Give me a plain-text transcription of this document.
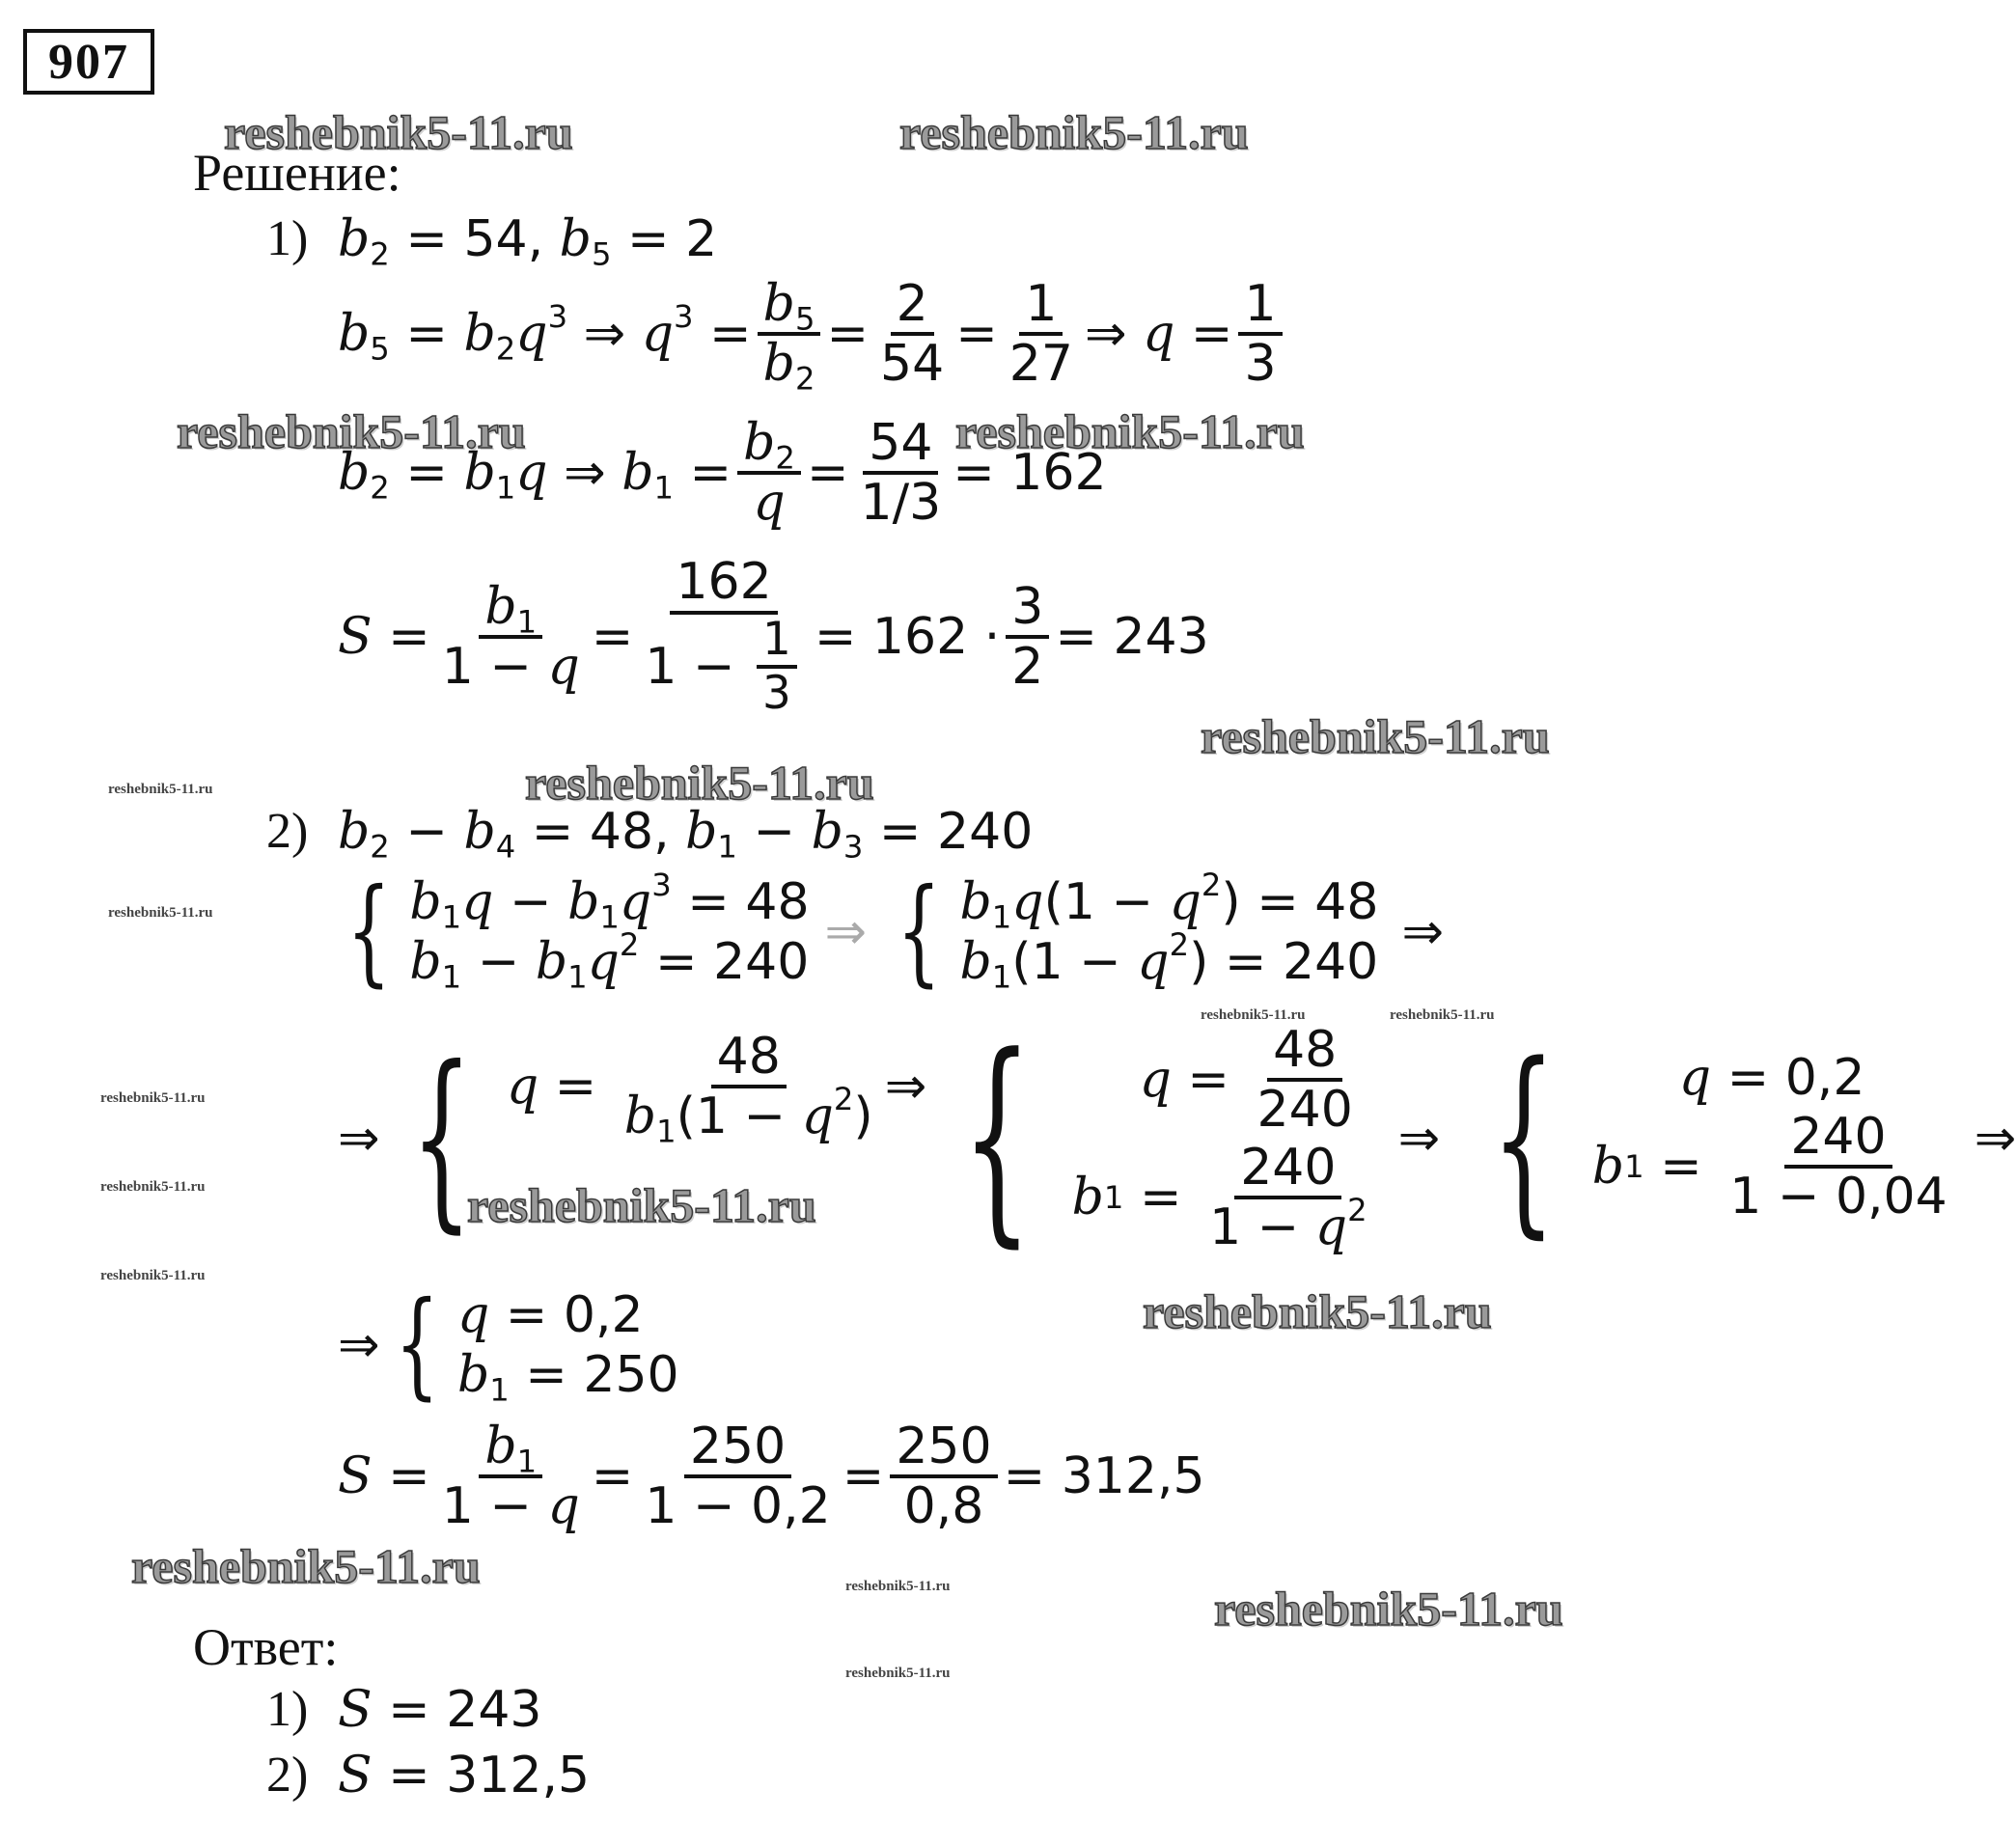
907
reshebnik5-11.ru	reshebnik5-11.ru
reshebnik5-11.ru	reshebnik5-11.ru
reshebnik5-11.ru
reshebnik5-11.ru
reshebnik5-11.ru
reshebnik5-11.ru
reshebnik5-11.ru
reshebnik5-11.ru
reshebnik5-11.ru
reshebnik5-11.ru
reshebnik5-11.ru	reshebnik5-11.ru
reshebnik5-11.ru
reshebnik5-11.ru
reshebnik5-11.ru
reshebnik5-11.ru
reshebnik5-11.ru
Решение:
1) $b_2 = 54$, $b_5 = 2$
$b_5 = b_2q^3$ ⇒ $q^3 = \frac{b_5}{b_2} = \frac{2}{54} = \frac{1}{27}$ ⇒ $q = \frac{1}{3}$
$b_2 = b_1q$ ⇒ $b_1 = \frac{b_2}{q} = \frac{54}{1/3} = 162$
$S = \frac{b_1}{1 - q} = \frac{162}{1 - \frac{1}{3}} = 162 \cdot \frac{3}{2} = 243$
2) $b_2 - b_4 = 48$, $b_1 - b_3 = 240$
{ $b_1q - b_1q^3 = 48$
$b_1 - b_1q^2 = 240$
⇒ { $b_1q(1 - q^2) = 48$
$b_1(1 - q^2) = 240$
⇒
⇒ { $q = \frac{48}{b_1(1 - q^2)}$ ⇒ { $q = \frac{48}{240}$
b $1 = \frac{240}{1 - q^2}$
⇒ {	q = 0,2
b $1 = \frac{240}{1 - 0,04}$ ⇒
⇒ { q = 0,2
$b_1 = 250$
$S = \frac{b_1}{1 - q} = \frac{250}{1 - 0,2} = \frac{250}{0,8} = 312,5$
Ответ:
1) S = 243
2) S = 312,5
